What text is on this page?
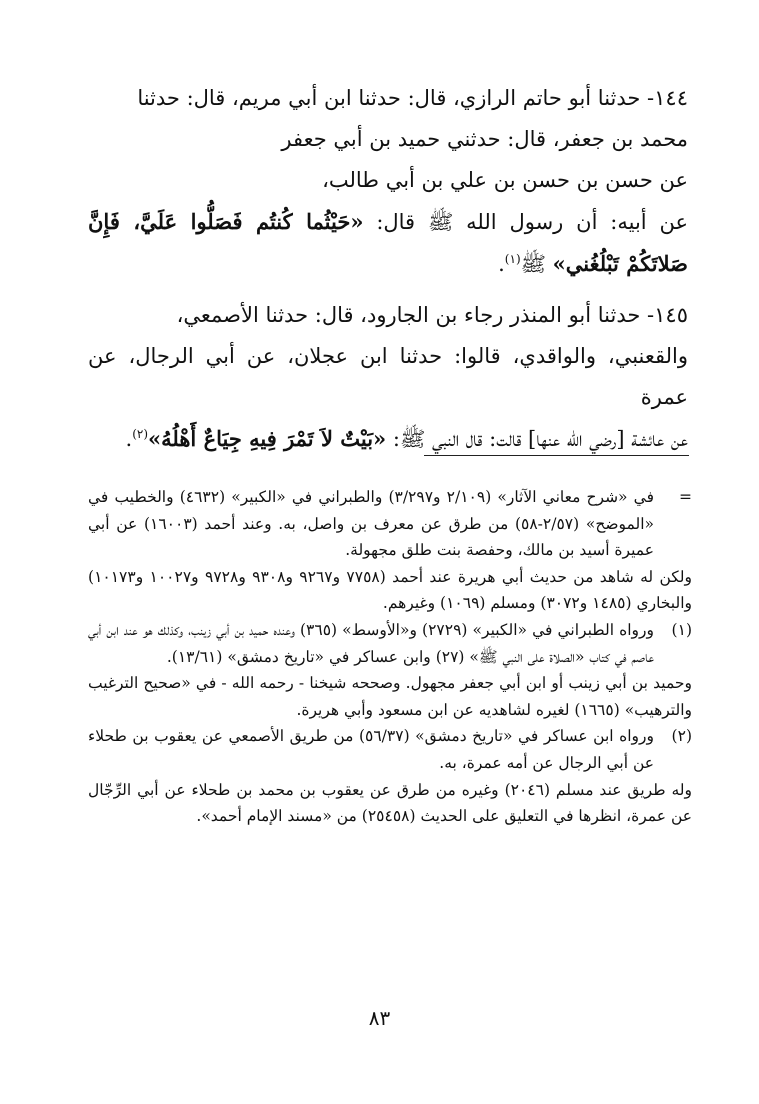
١٤٤- حدثنا أبو حاتم الرازي، قال: حدثنا ابن أبي مريم، قال: حدثنا

محمد بن جعفر، قال: حدثني حميد بن أبي جعفر

عن حسن بن حسن بن علي بن أبي طالب،

عن أبيه: أن رسول الله ﷺ قال: «حَيْثُما كُنتُم فَصَلُّوا عَلَيَّ، فَإِنَّ صَلاتَكُمْ تَبْلُغُني» ﷺ$^{(١)}$.

١٤٥- حدثنا أبو المنذر رجاء بن الجارود، قال: حدثنا الأصمعي،

والقعنبي، والواقدي، قالوا: حدثنا ابن عجلان، عن أبي الرجال، عن عمرة

عن عائشة [رضي الله عنها] قالت: قال النبي ﷺ: «بَيْتٌ لاَ تَمْرَ فِيهِ جِيَاعٌ أَهْلُهُ»$^{(٢)}$.

=
في «شرح معاني الآثار» (٢/١٠٩ و٣/٢٩٧) والطبراني في «الكبير» (٤٦٣٢) والخطيب في «الموضح» (٢/٥٧-٥٨) من طرق عن معرف بن واصل، به. وعند أحمد (١٦٠٠٣) عن أبي عميرة أسيد بن مالك، وحفصة بنت طلق مجهولة.

ولكن له شاهد من حديث أبي هريرة عند أحمد (٧٧٥٨ و٩٢٦٧ و٩٣٠٨ و٩٧٢٨ و١٠٠٢٧ و١٠١٧٣) والبخاري (١٤٨٥ و٣٠٧٢) ومسلم (١٠٦٩) وغيرهم.

(١)
ورواه الطبراني في «الكبير» (٢٧٢٩) و«الأوسط» (٣٦٥) وعنده حميد بن أبي زينب، وكذلك هو عند ابن أبي عاصم في كتاب «الصلاة على النبي ﷺ» (٢٧) وابن عساكر في «تاريخ دمشق» (١٣/٦١).

وحميد بن أبي زينب أو ابن أبي جعفر مجهول. وصححه شيخنا - رحمه الله - في «صحيح الترغيب والترهيب» (١٦٦٥) لغيره لشاهديه عن ابن مسعود وأبي هريرة.

(٢)
ورواه ابن عساكر في «تاريخ دمشق» (٥٦/٣٧) من طريق الأصمعي عن يعقوب بن طحلاء عن أبي الرجال عن أمه عمرة، به.

وله طريق عند مسلم (٢٠٤٦) وغيره من طرق عن يعقوب بن محمد بن طحلاء عن أبي الرِّجّال عن عمرة، انظرها في التعليق على الحديث (٢٥٤٥٨) من «مسند الإمام أحمد».

٨٣
